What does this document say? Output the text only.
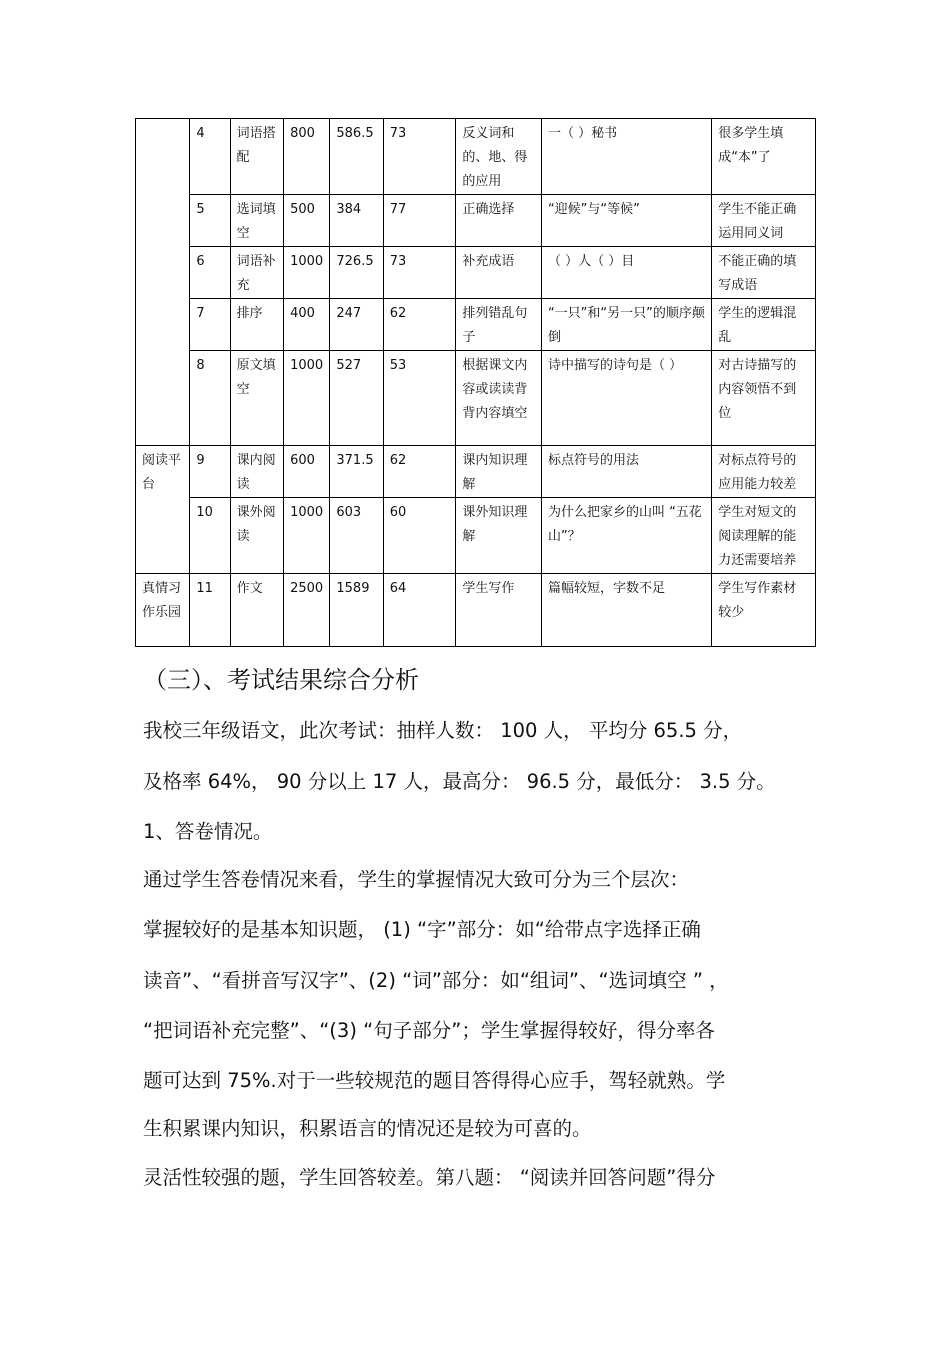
	4	词语搭配	800	586.5	73	反义词和的、地、得的应用	一（ ）秘书	很多学生填成“本”了
	5	选词填空	500	384	77	正确选择	“迎候”与“等候”	学生不能正确运用同义词
	6	词语补充	1000	726.5	73	补充成语	（ ）人（ ）目	不能正确的填写成语
	7	排序	400	247	62	排列错乱句子	“一只”和“另一只”的顺序颠倒	学生的逻辑混乱
	8	原文填空	1000	527	53	根据课文内容或读读背背内容填空	诗中描写的诗句是（ ）	对古诗描写的内容领悟不到位
阅读平台	9	课内阅读	600	371.5	62	课内知识理解	标点符号的用法	对标点符号的应用能力较差
	10	课外阅读	1000	603	60	课外知识理解	为什么把家乡的山叫 “五花山”？	学生对短文的阅读理解的能力还需要培养
真情习作乐园	11	作文	2500	1589	64	学生写作	篇幅较短，字数不足	学生写作素材较少
（三）、考试结果综合分析
我校三年级语文，此次考试：抽样人数： 100 人， 平均分 65.5 分，
及格率 64%， 90 分以上 17 人，最高分： 96.5 分，最低分： 3.5 分。
1、答卷情况。
通过学生答卷情况来看，学生的掌握情况大致可分为三个层次：
掌握较好的是基本知识题， (1) “字”部分：如“给带点字选择正确
读音”、“看拼音写汉字”、(2) “词”部分：如“组词”、“选词填空 ” ，
“把词语补充完整”、“(3) “句子部分”；学生掌握得较好，得分率各
题可达到 75%.对于一些较规范的题目答得得心应手，驾轻就熟。学
生积累课内知识，积累语言的情况还是较为可喜的。
灵活性较强的题，学生回答较差。第八题： “阅读并回答问题”得分
